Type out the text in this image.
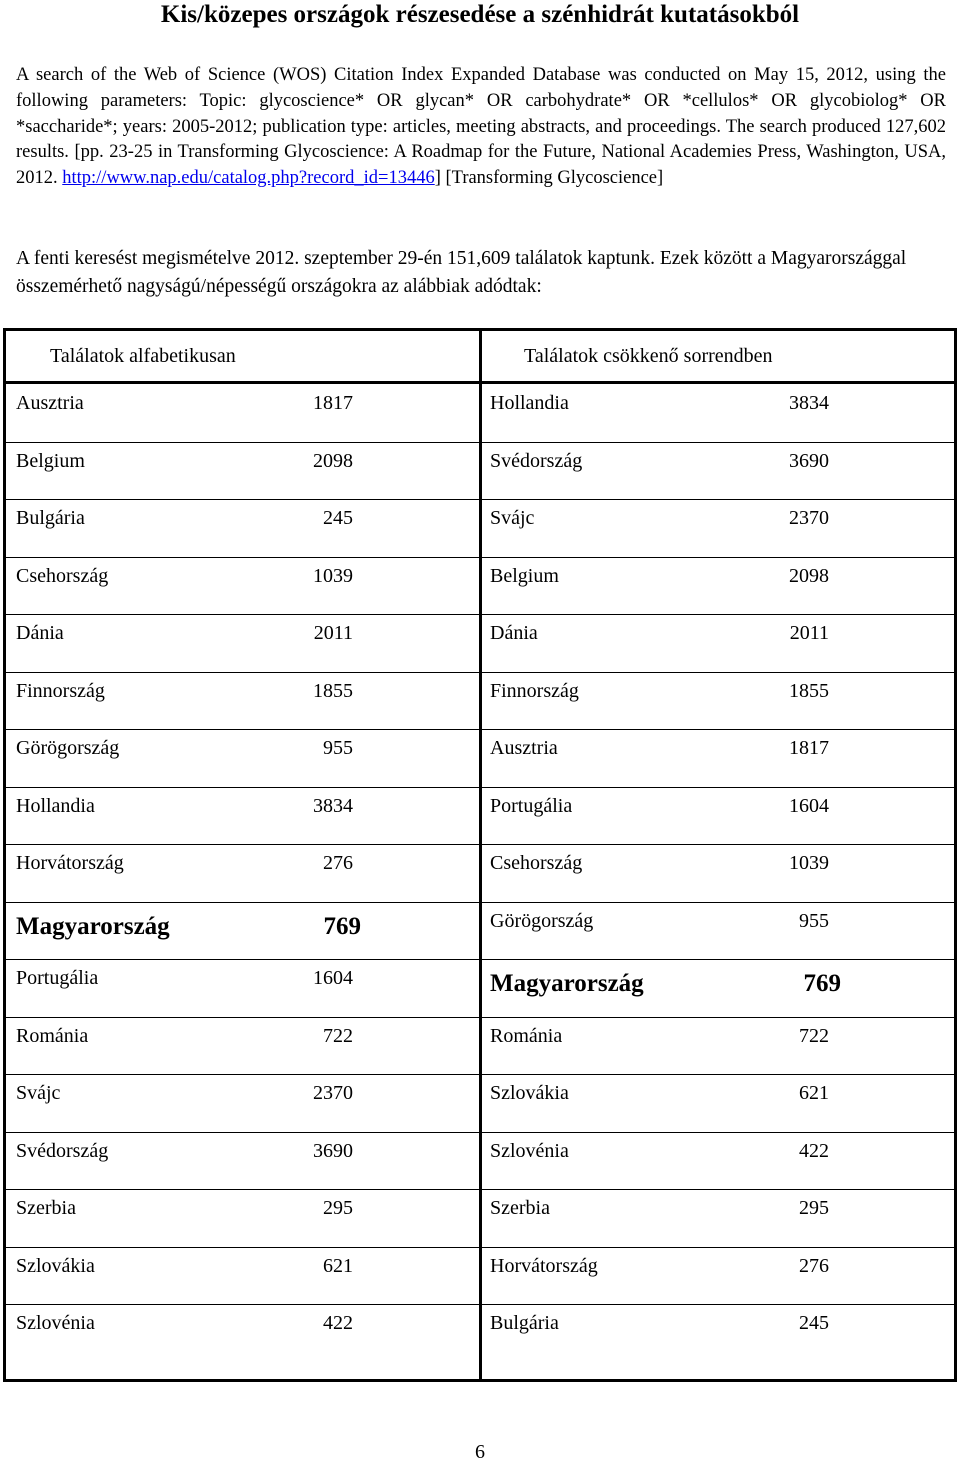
Kis/közepes országok részesedése a szénhidrát kutatásokból
A search of the Web of Science (WOS) Citation Index Expanded Database was conducted on May 15, 2012, using the following parameters: Topic: glycoscience* OR glycan* OR carbohydrate* OR *cellulos* OR glycobiolog* OR *saccharide*; years: 2005-2012; publication type: articles, meeting abstracts, and proceedings. The search produced 127,602 results. [pp. 23-25 in Transforming Glycoscience: A Roadmap for the Future, National Academies Press, Washington, USA, 2012. http://www.nap.edu/catalog.php?record_id=13446] [Transforming Glycoscience]
A fenti keresést megismételve 2012. szeptember 29-én 151,609 találatok kaptunk. Ezek között a Magyarországgal összemérhető nagyságú/népességű országokra az alábbiak adódtak:
Találatok alfabetikusan	Találatok csökkenő sorrendben
Ausztria	1817	Hollandia	3834
Belgium	2098	Svédország	3690
Bulgária	245	Svájc	2370
Csehország	1039	Belgium	2098
Dánia	2011	Dánia	2011
Finnország	1855	Finnország	1855
Görögország	955	Ausztria	1817
Hollandia	3834	Portugália	1604
Horvátország	276	Csehország	1039
Magyarország	769	Görögország	955
Portugália	1604	Magyarország	769
Románia	722	Románia	722
Svájc	2370	Szlovákia	621
Svédország	3690	Szlovénia	422
Szerbia	295	Szerbia	295
Szlovákia	621	Horvátország	276
Szlovénia	422	Bulgária	245
6
